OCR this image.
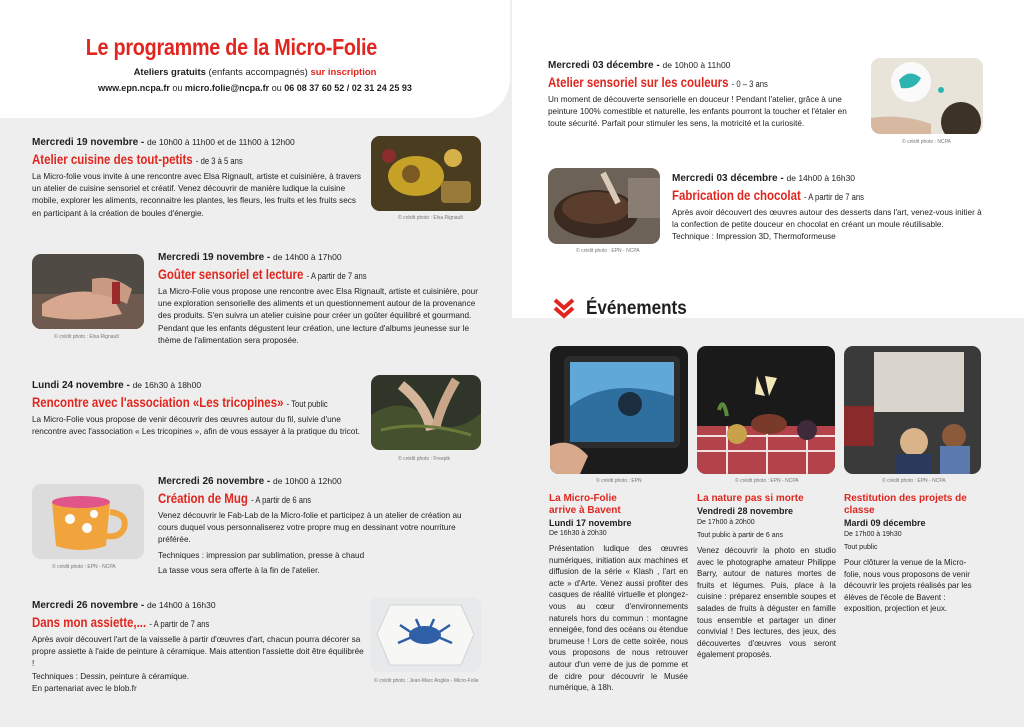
Le programme de la Micro-Folie
Ateliers gratuits (enfants accompagnés) sur inscription
www.epn.ncpa.fr ou micro.folie@ncpa.fr ou 06 08 37 60 52 / 02 31 24 25 93
Mercredi 19 novembre - de 10h00 à 11h00 et de 11h00 à 12h00
Atelier cuisine des tout-petits - de 3 à 5 ans
La Micro-folie vous invite à une rencontre avec Elsa Rignault, artiste et cuisinière, à travers un atelier de cuisine sensoriel et créatif. Venez découvrir de manière ludique la cuisine mobile, explorer les aliments, reconnaitre les plantes, les fleurs, les fruits et les fruits secs en participant à la création de boules d'énergie.
© crédit photo : Elsa Rignault
© crédit photo : Elsa Rignault
Mercredi 19 novembre - de 14h00 à 17h00
Goûter sensoriel et lecture - A partir de 7 ans
La Micro-Folie vous propose une rencontre avec Elsa Rignault, artiste et cuisinière, pour une exploration sensorielle des aliments et un questionnement autour de la provenance des produits. S'en suivra un atelier cuisine pour créer un goûter équilibré et gourmand. Pendant que les enfants dégustent leur création, une lecture d'albums jeunesse sur le thème de l'alimentation sera proposée.
Lundi 24 novembre - de 16h30 à 18h00
Rencontre avec l'association «Les tricopines» - Tout public
La Micro-Folie vous propose de venir découvrir des œuvres autour du fil, suivie d'une rencontre avec l'association « Les tricopines », afin de vous essayer à la pratique du tricot.
© crédit photo : Freepik
© crédit photo : EPN - NCPA
Mercredi 26 novembre - de 10h00 à 12h00
Création de Mug - A partir de 6 ans
Venez découvrir le Fab-Lab de la Micro-folie et participez à un atelier de création au cours duquel vous personnaliserez votre propre mug en dessinant votre nourriture préférée.
Techniques : impression par sublimation, presse à chaud
La tasse vous sera offerte à la fin de l'atelier.
Mercredi 26 novembre - de 14h00 à 16h30
Dans mon assiette,... - A partir de 7 ans
Après avoir découvert l'art de la vaisselle à partir d'œuvres d'art, chacun pourra décorer sa propre assiette à l'aide de peinture à céramique. Mais attention l'assiette doit être équilibrée !
Techniques : Dessin, peinture à céramique.
En partenariat avec le blob.fr
© crédit photo : Jean-Marc Anglès - Micro-Folie
Mercredi 03 décembre - de 10h00 à 11h00
Atelier sensoriel sur les couleurs - 0 – 3 ans
Un moment de découverte sensorielle en douceur ! Pendant l'atelier, grâce à une peinture 100% comestible et naturelle, les enfants pourront la toucher et l'étaler en toute sécurité. Parfait pour stimuler les sens, la motricité et la curiosité.
© crédit photo : NCPA
© crédit photo : EPN - NCPA
Mercredi 03 décembre - de 14h00 à 16h30
Fabrication de chocolat - A partir de 7 ans
Après avoir découvert des œuvres autour des desserts dans l'art, venez-vous initier à la confection de petite douceur en chocolat en créant un moule réutilisable.
Technique : Impression 3D, Thermoformeuse
Événements
© crédit photo : EPN	© crédit photo : EPN - NCPA	© crédit photo : EPN - NCPA
La Micro-Folie arrive à Bavent
Lundi 17 novembre
De 16h30 à 20h30
Présentation ludique des œuvres numériques, initiation aux machines et diffusion de la série « Klash , l'art en acte » d'Arte. Venez aussi profiter des casques de réalité virtuelle et plongez-vous au cœur d'environnements naturels hors du commun : montagne enneigée, fond des océans ou étendue brumeuse ! Lors de cette soirée, nous vous proposons de nous retrouver autour d'un verre de jus de pomme et de cidre pour découvrir le Musée numérique, à 18h.
La nature pas si morte
Vendredi 28 novembre
De 17h00 à 20h00
Tout public à partir de 6 ans
Venez découvrir la photo en studio avec le photographe amateur Philippe Barry, autour de natures mortes de fruits et légumes. Puis, place à la cuisine : préparez ensemble soupes et salades de fruits à déguster en famille tous ensemble et partager un diner convivial ! Des lectures, des jeux, des découvertes d'œuvres vous seront également proposés.
Restitution des projets de classe
Mardi 09 décembre
De 17h00 à 19h30
Tout public
Pour clôturer la venue de la Micro-folie, nous vous proposons de venir découvrir les projets réalisés par les élèves de l'école de Bavent : exposition, projection et jeux.
